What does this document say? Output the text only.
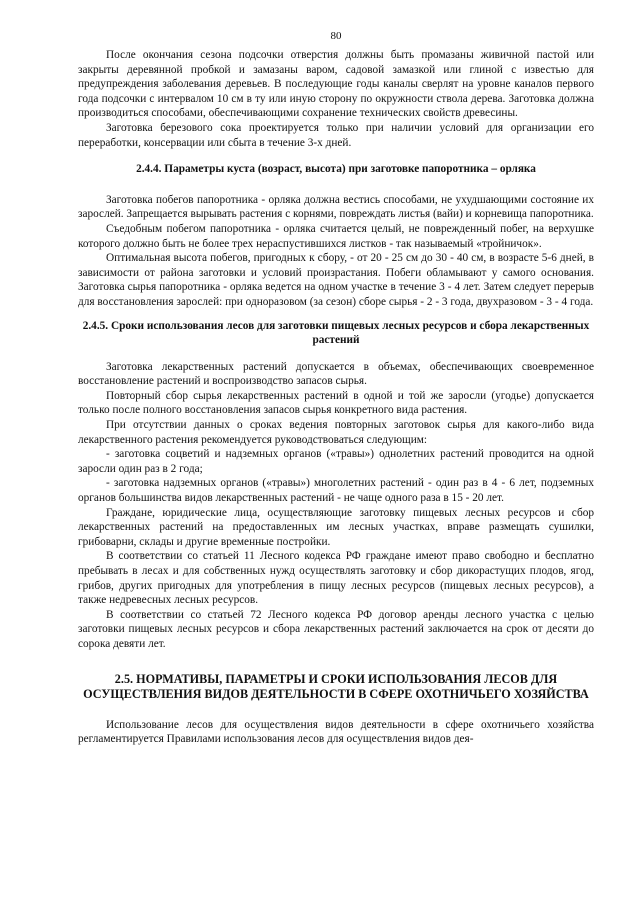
80

После окончания сезона подсочки отверстия должны быть промазаны живичной пастой или закрыты деревянной пробкой и замазаны варом, садовой замазкой или глиной с известью для предупреждения заболевания деревьев. В последующие годы каналы сверлят на уровне каналов первого года подсочки с интервалом 10 см в ту или иную сторону по окружности ствола дерева. Заготовка должна производиться способами, обеспечивающими сохранение технических свойств древесины.

Заготовка березового сока проектируется только при наличии условий для организации его переработки, консервации или сбыта в течение 3-х дней.

2.4.4. Параметры куста (возраст, высота) при заготовке папоротника – орляка

Заготовка побегов папоротника - орляка должна вестись способами, не ухудшающими состояние их зарослей. Запрещается вырывать растения с корнями, повреждать листья (вайи) и корневища папоротника.

Съедобным побегом папоротника - орляка считается целый, не поврежденный побег, на верхушке которого должно быть не более трех нераспустившихся листков - так называемый «тройничок».

Оптимальная высота побегов, пригодных к сбору, - от 20 - 25 см до 30 - 40 см, в возрасте 5-6 дней, в зависимости от района заготовки и условий произрастания. Побеги обламывают у самого основания. Заготовка сырья папоротника - орляка ведется на одном участке в течение 3 - 4 лет. Затем следует перерыв для восстановления зарослей: при одноразовом (за сезон) сборе сырья - 2 - 3 года, двухразовом - 3 - 4 года.

2.4.5. Сроки использования лесов для заготовки пищевых лесных ресурсов и сбора лекарственных растений

Заготовка лекарственных растений допускается в объемах, обеспечивающих своевременное восстановление растений и воспроизводство запасов сырья.

Повторный сбор сырья лекарственных растений в одной и той же заросли (угодье) допускается только после полного восстановления запасов сырья конкретного вида растения.

При отсутствии данных о сроках ведения повторных заготовок сырья для какого-либо вида лекарственного растения рекомендуется руководствоваться следующим:

- заготовка соцветий и надземных органов («травы») однолетних растений проводится на одной заросли один раз в 2 года;

- заготовка надземных органов («травы») многолетних растений - один раз в 4 - 6 лет, подземных органов большинства видов лекарственных растений - не чаще одного раза в 15 - 20 лет.

Граждане, юридические лица, осуществляющие заготовку пищевых лесных ресурсов и сбор лекарственных растений на предоставленных им лесных участках, вправе размещать сушилки, грибоварни, склады и другие временные постройки.

В соответствии со статьей 11 Лесного кодекса РФ граждане имеют право свободно и бесплатно пребывать в лесах и для собственных нужд осуществлять заготовку и сбор дикорастущих плодов, ягод, грибов, других пригодных для употребления в пищу лесных ресурсов (пищевых лесных ресурсов), а также недревесных лесных ресурсов.

В соответствии со статьей 72 Лесного кодекса РФ договор аренды лесного участка с целью заготовки пищевых лесных ресурсов и сбора лекарственных растений заключается на срок от десяти до сорока девяти лет.

2.5. НОРМАТИВЫ, ПАРАМЕТРЫ И СРОКИ ИСПОЛЬЗОВАНИЯ ЛЕСОВ ДЛЯ ОСУЩЕСТВЛЕНИЯ ВИДОВ ДЕЯТЕЛЬНОСТИ В СФЕРЕ ОХОТНИЧЬЕГО ХОЗЯЙСТВА

Использование лесов для осуществления видов деятельности в сфере охотничьего хозяйства регламентируется Правилами использования лесов для осуществления видов дея-
